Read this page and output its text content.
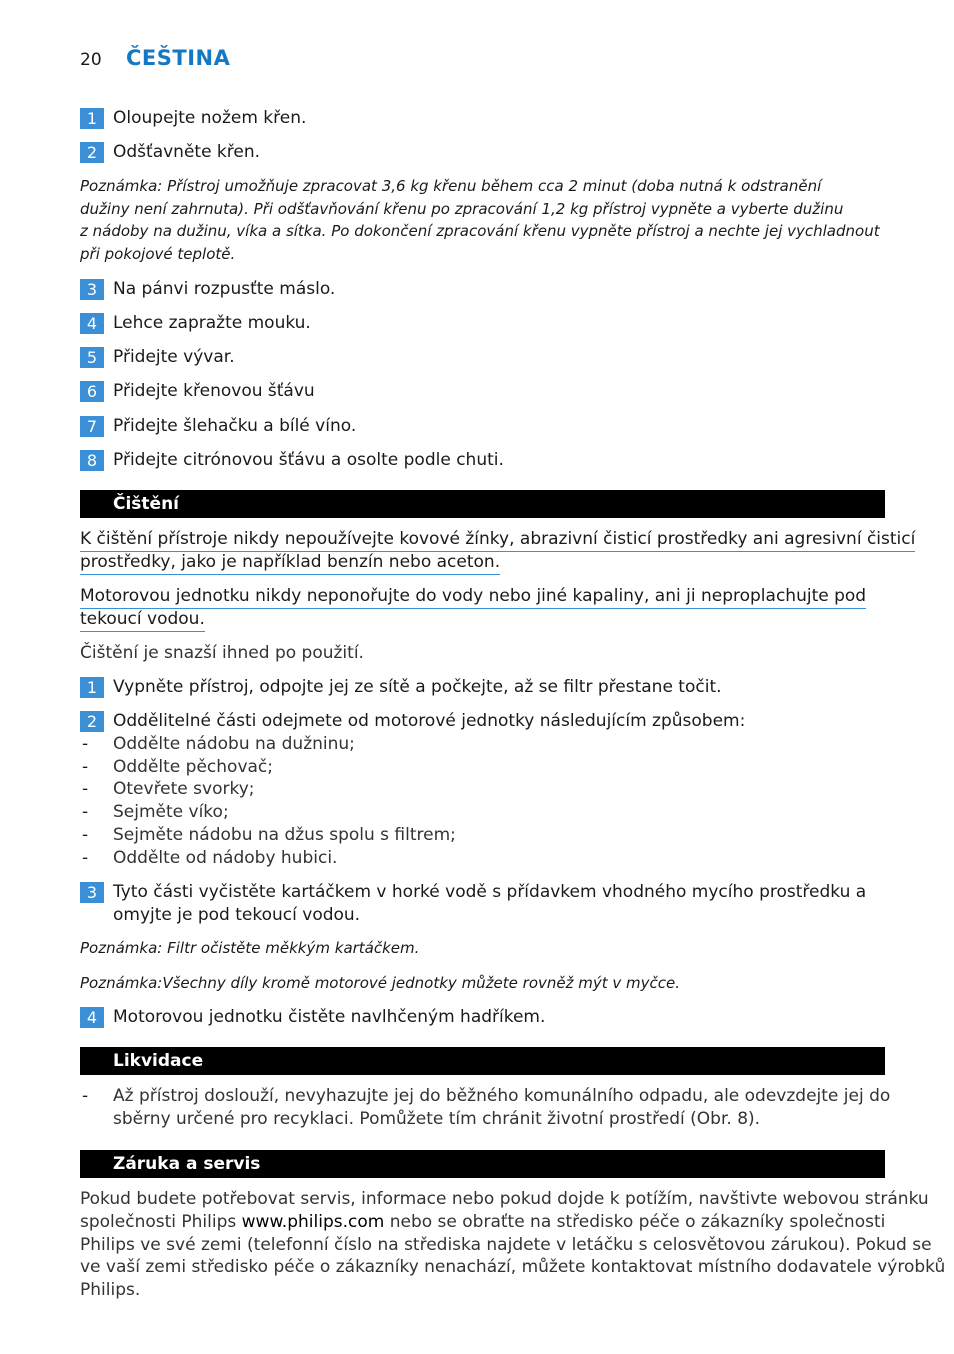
20 ČEŠTINA
1 Oloupejte nožem křen.
2 Odšťavněte křen.
Poznámka: Přístroj umožňuje zpracovat 3,6 kg křenu během cca 2 minut (doba nutná k odstranění
dužiny není zahrnuta). Při odšťavňování křenu po zpracování 1,2 kg přístroj vypněte a vyberte dužinu
z nádoby na dužinu, víka a sítka. Po dokončení zpracování křenu vypněte přístroj a nechte jej vychladnout
při pokojové teplotě.
3 Na pánvi rozpusťte máslo.
4 Lehce zapražte mouku.
5 Přidejte vývar.
6 Přidejte křenovou šťávu
7 Přidejte šlehačku a bílé víno.
8 Přidejte citrónovou šťávu a osolte podle chuti.
Čištění
K čištění přístroje nikdy nepoužívejte kovové žínky, abrazivní čisticí prostředky ani agresivní čisticí
prostředky, jako je například benzín nebo aceton.
Motorovou jednotku nikdy neponořujte do vody nebo jiné kapaliny, ani ji neproplachujte pod
tekoucí vodou.
Čištění je snazší ihned po použití.
1 Vypněte přístroj, odpojte jej ze sítě a počkejte, až se filtr přestane točit.
2 Oddělitelné části odejmete od motorové jednotky následujícím způsobem:
- Oddělte nádobu na dužninu;
- Oddělte pěchovač;
- Otevřete svorky;
- Sejměte víko;
- Sejměte nádobu na džus spolu s filtrem;
- Oddělte od nádoby hubici.
3 Tyto části vyčistěte kartáčkem v horké vodě s přídavkem vhodného mycího prostředku a
omyjte je pod tekoucí vodou.
Poznámka: Filtr očistěte měkkým kartáčkem.
Poznámka:Všechny díly kromě motorové jednotky můžete rovněž mýt v myčce.
4 Motorovou jednotku čistěte navlhčeným hadříkem.
Likvidace
- Až přístroj doslouží, nevyhazujte jej do běžného komunálního odpadu, ale odevzdejte jej do
sběrny určené pro recyklaci. Pomůžete tím chránit životní prostředí (Obr. 8).
Záruka a servis
Pokud budete potřebovat servis, informace nebo pokud dojde k potížím, navštivte webovou stránku
společnosti Philips www.philips.com nebo se obraťte na středisko péče o zákazníky společnosti
Philips ve své zemi (telefonní číslo na střediska najdete v letáčku s celosvětovou zárukou). Pokud se
ve vaší zemi středisko péče o zákazníky nenachází, můžete kontaktovat místního dodavatele výrobků
Philips.
